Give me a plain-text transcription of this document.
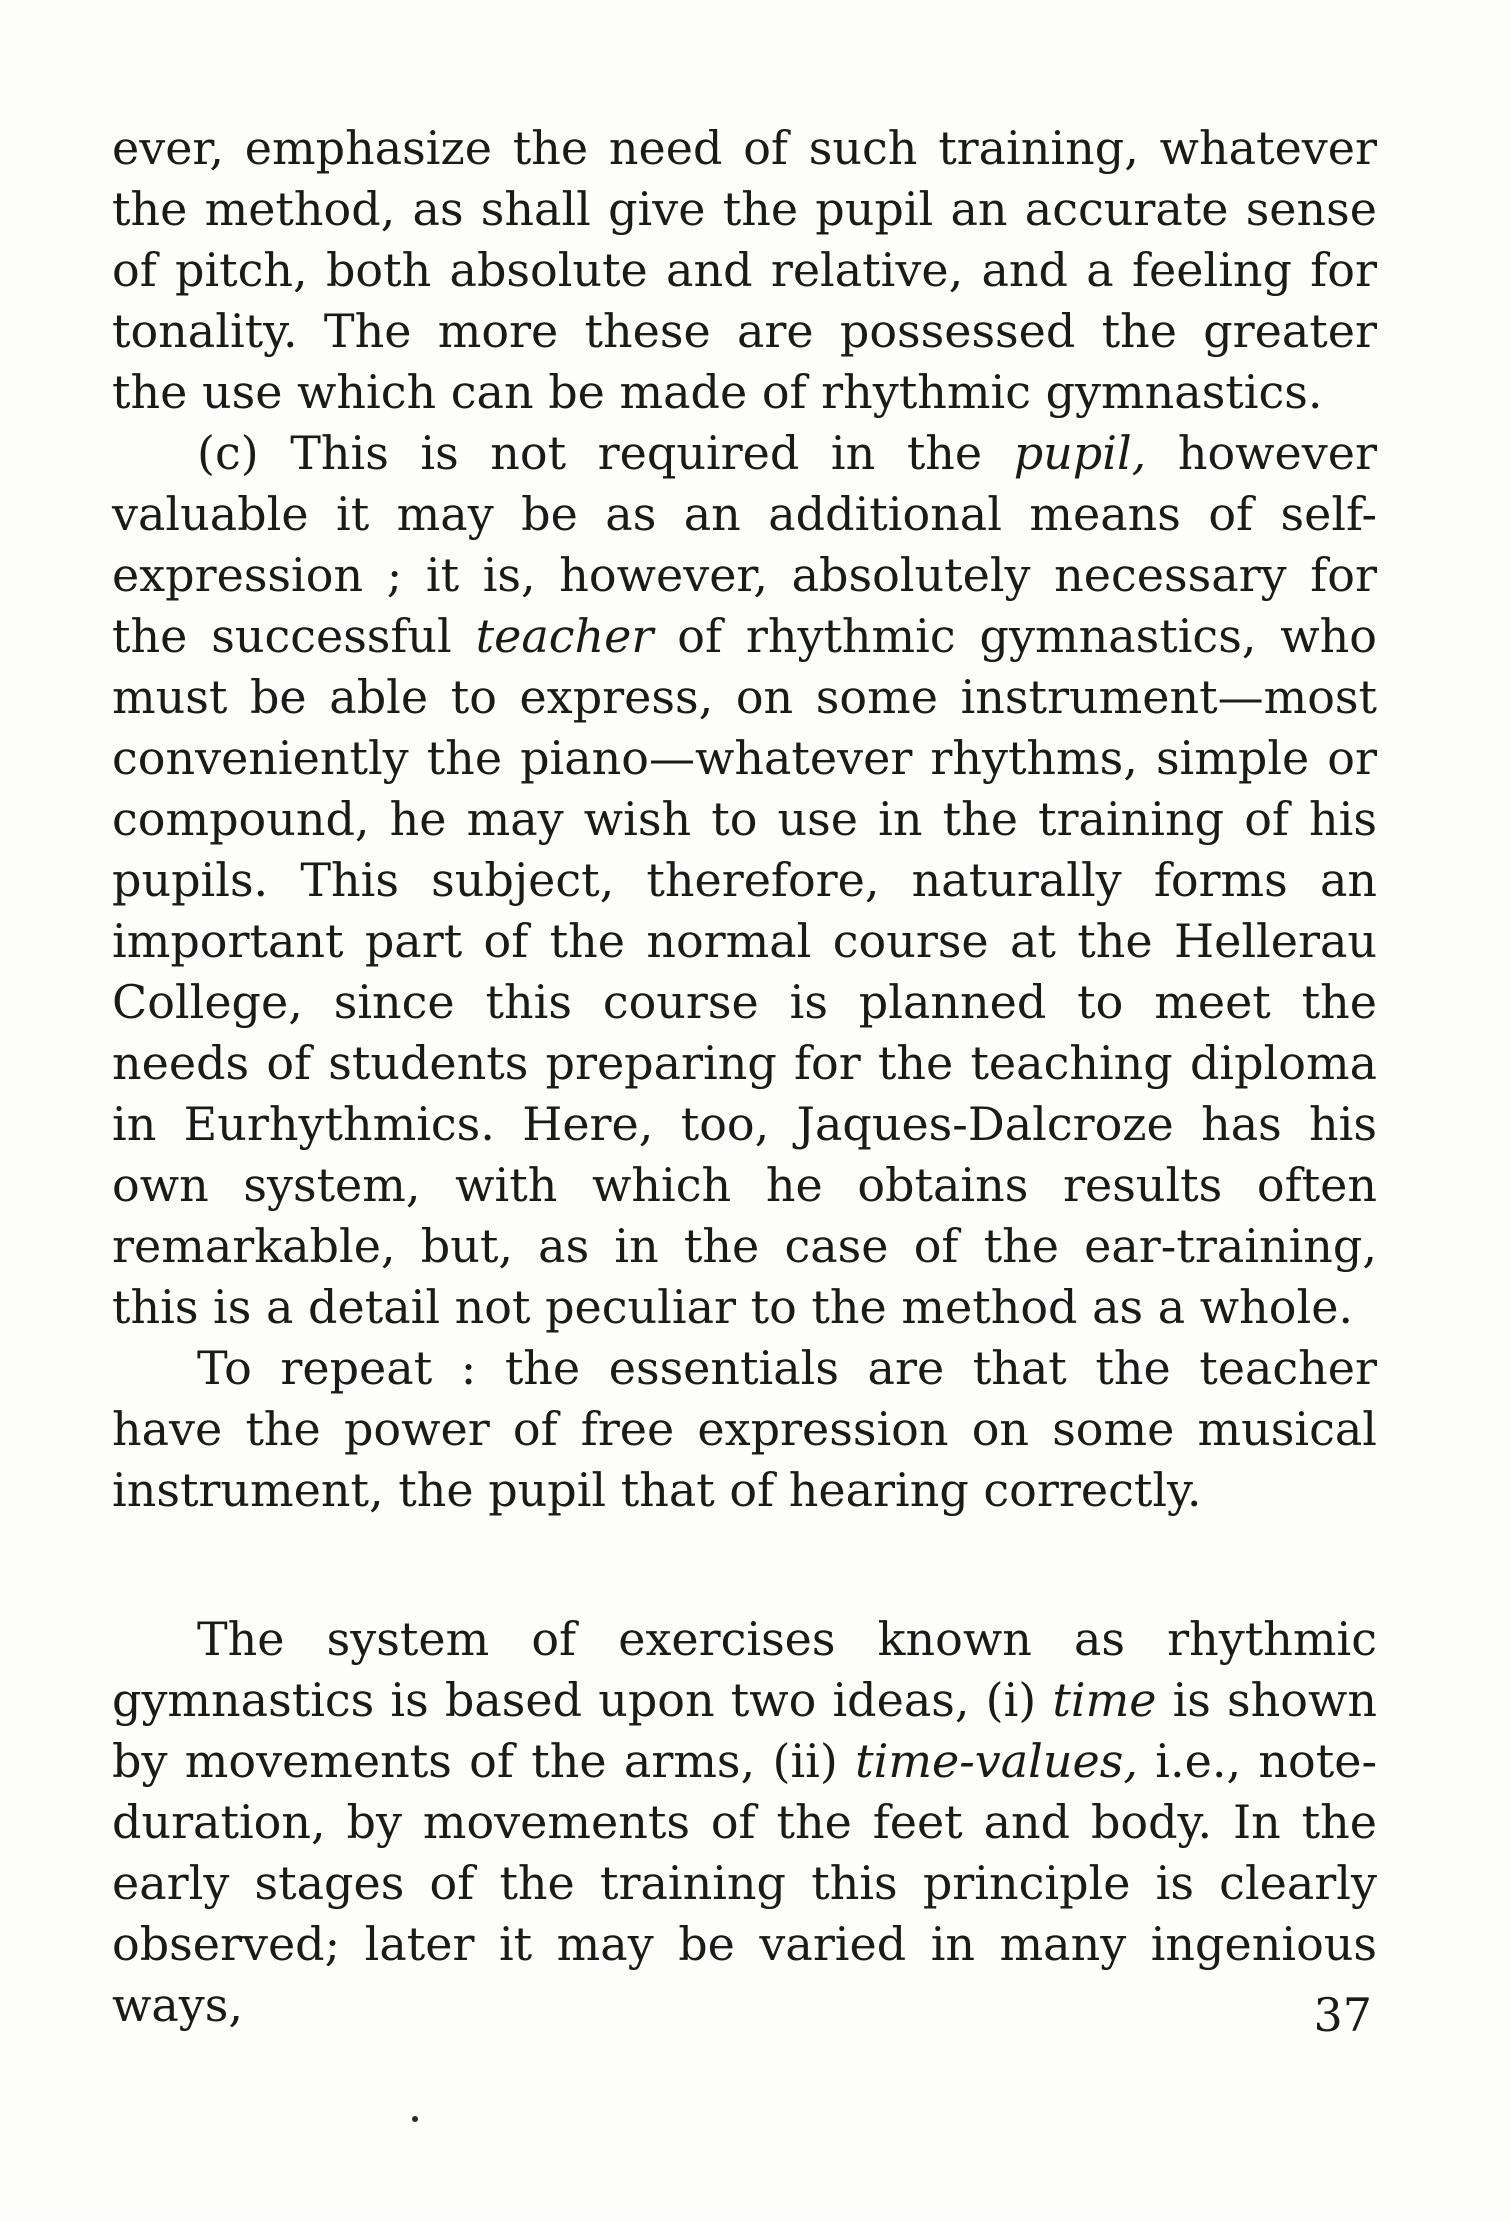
ever, emphasize the need of such training, whatever the method, as shall give the pupil an accurate sense of pitch, both absolute and relative, and a feeling for tonality. The more these are possessed the greater the use which can be made of rhythmic gymnastics.

(c) This is not required in the pupil, however valuable it may be as an additional means of self-expression ; it is, however, absolutely necessary for the successful teacher of rhythmic gymnastics, who must be able to express, on some instrument—most conveniently the piano—whatever rhythms, simple or compound, he may wish to use in the training of his pupils. This subject, therefore, naturally forms an important part of the normal course at the Hellerau College, since this course is planned to meet the needs of students preparing for the teaching diploma in Eurhythmics. Here, too, Jaques-Dalcroze has his own system, with which he obtains results often remarkable, but, as in the case of the ear-training, this is a detail not peculiar to the method as a whole.

To repeat : the essentials are that the teacher have the power of free expression on some musical instrument, the pupil that of hearing correctly.

The system of exercises known as rhythmic gymnastics is based upon two ideas, (i) time is shown by movements of the arms, (ii) time-values, i.e., note-duration, by movements of the feet and body. In the early stages of the training this principle is clearly observed; later it may be varied in many ingenious ways,	37
